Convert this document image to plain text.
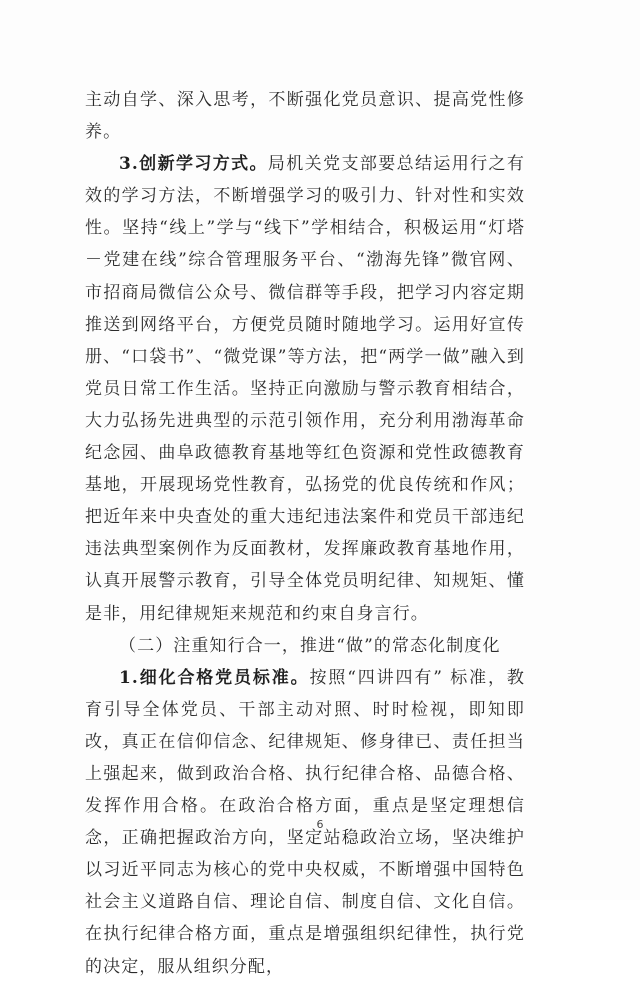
主动自学、深入思考，不断强化党员意识、提高党性修养。

3.创新学习方式。局机关党支部要总结运用行之有效的学习方法，不断增强学习的吸引力、针对性和实效性。坚持“线上”学与“线下”学相结合，积极运用“灯塔－党建在线”综合管理服务平台、“渤海先锋”微官网、市招商局微信公众号、微信群等手段，把学习内容定期推送到网络平台，方便党员随时随地学习。运用好宣传册、“口袋书”、“微党课”等方法，把“两学一做”融入到党员日常工作生活。坚持正向激励与警示教育相结合，大力弘扬先进典型的示范引领作用，充分利用渤海革命纪念园、曲阜政德教育基地等红色资源和党性政德教育基地，开展现场党性教育，弘扬党的优良传统和作风；把近年来中央查处的重大违纪违法案件和党员干部违纪违法典型案例作为反面教材，发挥廉政教育基地作用，认真开展警示教育，引导全体党员明纪律、知规矩、懂是非，用纪律规矩来规范和约束自身言行。

（二）注重知行合一，推进“做”的常态化制度化

1.细化合格党员标准。按照“四讲四有” 标准，教育引导全体党员、干部主动对照、时时检视，即知即改，真正在信仰信念、纪律规矩、修身律已、责任担当上强起来，做到政治合格、执行纪律合格、品德合格、发挥作用合格。在政治合格方面，重点是坚定理想信念，正确把握政治方向，坚定站稳政治立场，坚决维护以习近平同志为核心的党中央权威，不断增强中国特色社会主义道路自信、理论自信、制度自信、文化自信。在执行纪律合格方面，重点是增强组织纪律性，执行党的决定，服从组织分配，

6
